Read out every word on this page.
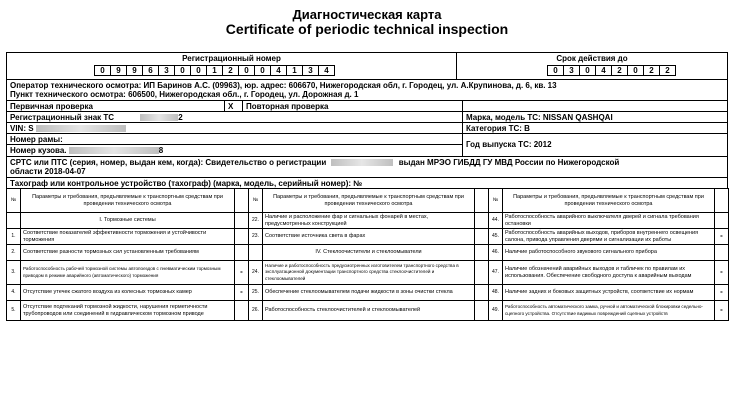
Диагностическая карта
Certificate of periodic technical inspection
Регистрационный номер
0	9	9	6	3	0	0	1	2	0	0	4	1	3	4
Срок действия до
0	3	0	4	2	0	2	2
Оператор технического осмотра: ИП Баринов А.С. (09963), юр. адрес: 606670, Нижегородская обл, г. Городец, ул. А.Крупинова, д. 6, кв. 13
Пункт технического осмотра: 606500, Нижегородская обл., г. Городец, ул. Дорожная д. 1
Первичная проверка	X	Повторная проверка
Регистрационный знак ТС	2	Марка, модель ТС: NISSAN QASHQAI
VIN: S	Категория ТС: B
Номер рамы:
Номер кузова.	8
Год выпуска ТС: 2012
СРТС или ПТС (серия, номер, выдан кем, когда): Свидетельство о регистрации	выдан МРЭО ГИБДД ГУ МВД России по Нижегородской
области 2018-04-07
Тахограф или контрольное устройство (тахограф) (марка, модель, серийный номер): №
№	Параметры и требования, предъявляемые к транспортным средствам при проведении технического осмотра		№	Параметры и требования, предъявляемые к транспортным средствам при проведении технического осмотра		№	Параметры и требования, предъявляемые к транспортным средствам при проведении технического осмотра	
	I. Тормозные системы		22.	Наличие и расположение фар и сигнальных фонарей в местах, предусмотренных конструкцией		44.	Работоспособность аварийного выключателя дверей и сигнала требования остановки	
1.	Соответствие показателей эффективности торможения и устойчивости торможения		23.	Соответствие источника света в фарах		45.	Работоспособность аварийных выходов, приборов внутреннего освещения салона, привода управления дверями и сигнализации их работы	-
2.	Соответствие разности тормозных сил установленным требованиям			IV. Стеклоочистители и стеклоомыватели		46.	Наличие работоспособного звукового сигнального прибора	
3.	Работоспособность рабочей тормозной системы автопоездов с пневматическим тормозным приводом в режиме аварийного (автоматического) торможения	-	24.	Наличие и работоспособность предусмотренных изготовителем транспортного средства в эксплуатационной документации транспортного средства стеклоочистителей и стеклоомывателей		47.	Наличие обозначений аварийных выходов и табличек по правилам их использования. Обеспечение свободного доступа к аварийным выходам	-
4.	Отсутствие утечек сжатого воздуха из колесных тормозных камер	-	25.	Обеспечение стеклоомывателем подачи жидкости в зоны очистки стекла		48.	Наличие задних и боковых защитных устройств, соответствие их нормам	-
5.	Отсутствие подтеканий тормозной жидкости, нарушения герметичности трубопроводов или соединений в гидравлическом тормозном приводе		26.	Работоспособность стеклоочистителей и стеклоомывателей		49.	Работоспособность автоматического замка, ручной и автоматической блокировки седельно-сцепного устройства. Отсутствие видимых повреждений сцепных устройств	-
